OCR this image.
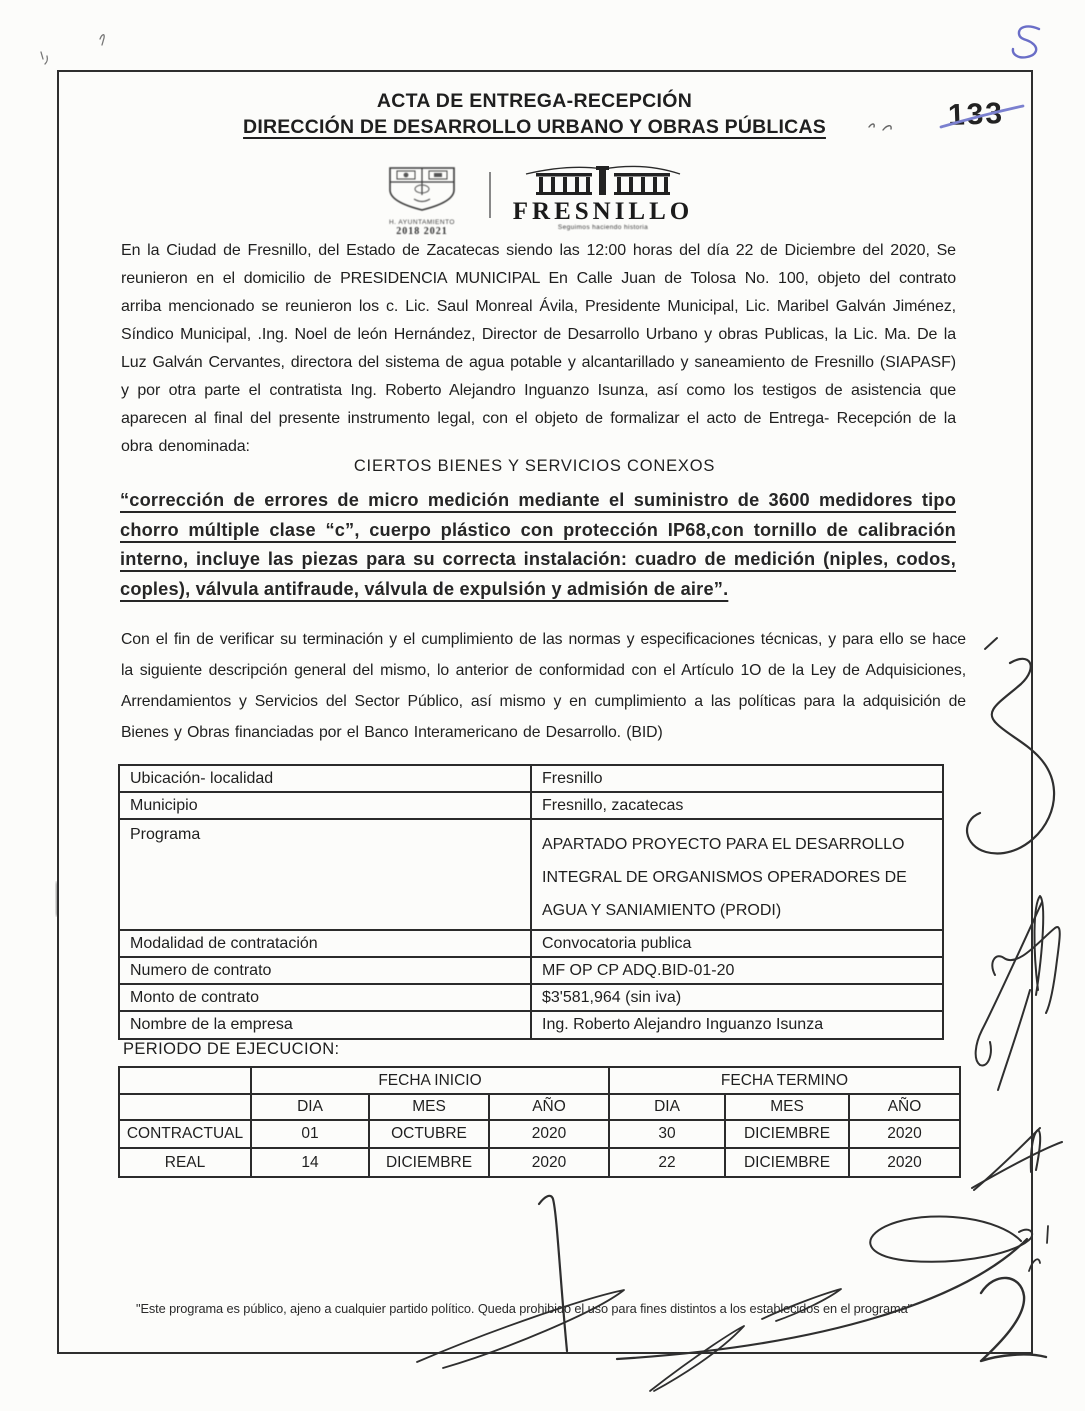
ACTA DE ENTREGA-RECEPCIÓN
DIRECCIÓN DE DESARROLLO URBANO Y OBRAS PÚBLICAS	133
H. AYUNTAMIENTO
2018 2021
FRESNILLO
Seguimos haciendo historia

En la Ciudad de Fresnillo, del Estado de Zacatecas siendo las 12:00 horas del día 22 de Diciembre del 2020, Se reunieron en el domicilio de PRESIDENCIA MUNICIPAL En Calle Juan de Tolosa No. 100, objeto del contrato arriba mencionado se reunieron los c. Lic. Saul Monreal Ávila, Presidente Municipal, Lic. Maribel Galván Jiménez, Síndico Municipal, .Ing. Noel de león Hernández, Director de Desarrollo Urbano y obras Publicas, la Lic. Ma. De la Luz Galván Cervantes, directora del sistema de agua potable y alcantarillado y saneamiento de Fresnillo (SIAPASF) y por otra parte el contratista Ing. Roberto Alejandro Inguanzo Isunza, así como los testigos de asistencia que aparecen al final del presente instrumento legal, con el objeto de formalizar el acto de Entrega- Recepción de la obra denominada:

CIERTOS BIENES Y SERVICIOS CONEXOS

“corrección de errores de micro medición mediante el suministro de 3600 medidores tipo chorro múltiple clase “c”, cuerpo plástico con protección IP68,con tornillo de calibración interno, incluye las piezas para su correcta instalación: cuadro de medición (niples, codos, coples), válvula antifraude, válvula de expulsión y admisión de aire”.

Con el fin de verificar su terminación y el cumplimiento de las normas y especificaciones técnicas, y para ello se hace la siguiente descripción general del mismo, lo anterior de conformidad con el Artículo 1O de la Ley de Adquisiciones, Arrendamientos y Servicios del Sector Público, así mismo y en cumplimiento a las políticas para la adquisición de Bienes y Obras financiadas por el Banco Interamericano de Desarrollo. (BID)

Ubicación- localidad	Fresnillo
Municipio	Fresnillo, zacatecas
Programa	APARTADO PROYECTO PARA EL DESARROLLO INTEGRAL DE ORGANISMOS OPERADORES DE AGUA Y SANIAMIENTO (PRODI)
Modalidad de contratación	Convocatoria publica
Numero de contrato	MF OP CP ADQ.BID-01-20
Monto de contrato	$3'581,964 (sin iva)
Nombre de la empresa	Ing. Roberto Alejandro Inguanzo Isunza
PERIODO DE EJECUCION:
	FECHA INICIO			FECHA TERMINO		
	DIA	MES	AÑO	DIA	MES	AÑO
CONTRACTUAL	01	OCTUBRE	2020	30	DICIEMBRE	2020
REAL	14	DICIEMBRE	2020	22	DICIEMBRE	2020
"Este programa es público, ajeno a cualquier partido político. Queda prohibido el uso para fines distintos a los establecidos en el programa"
